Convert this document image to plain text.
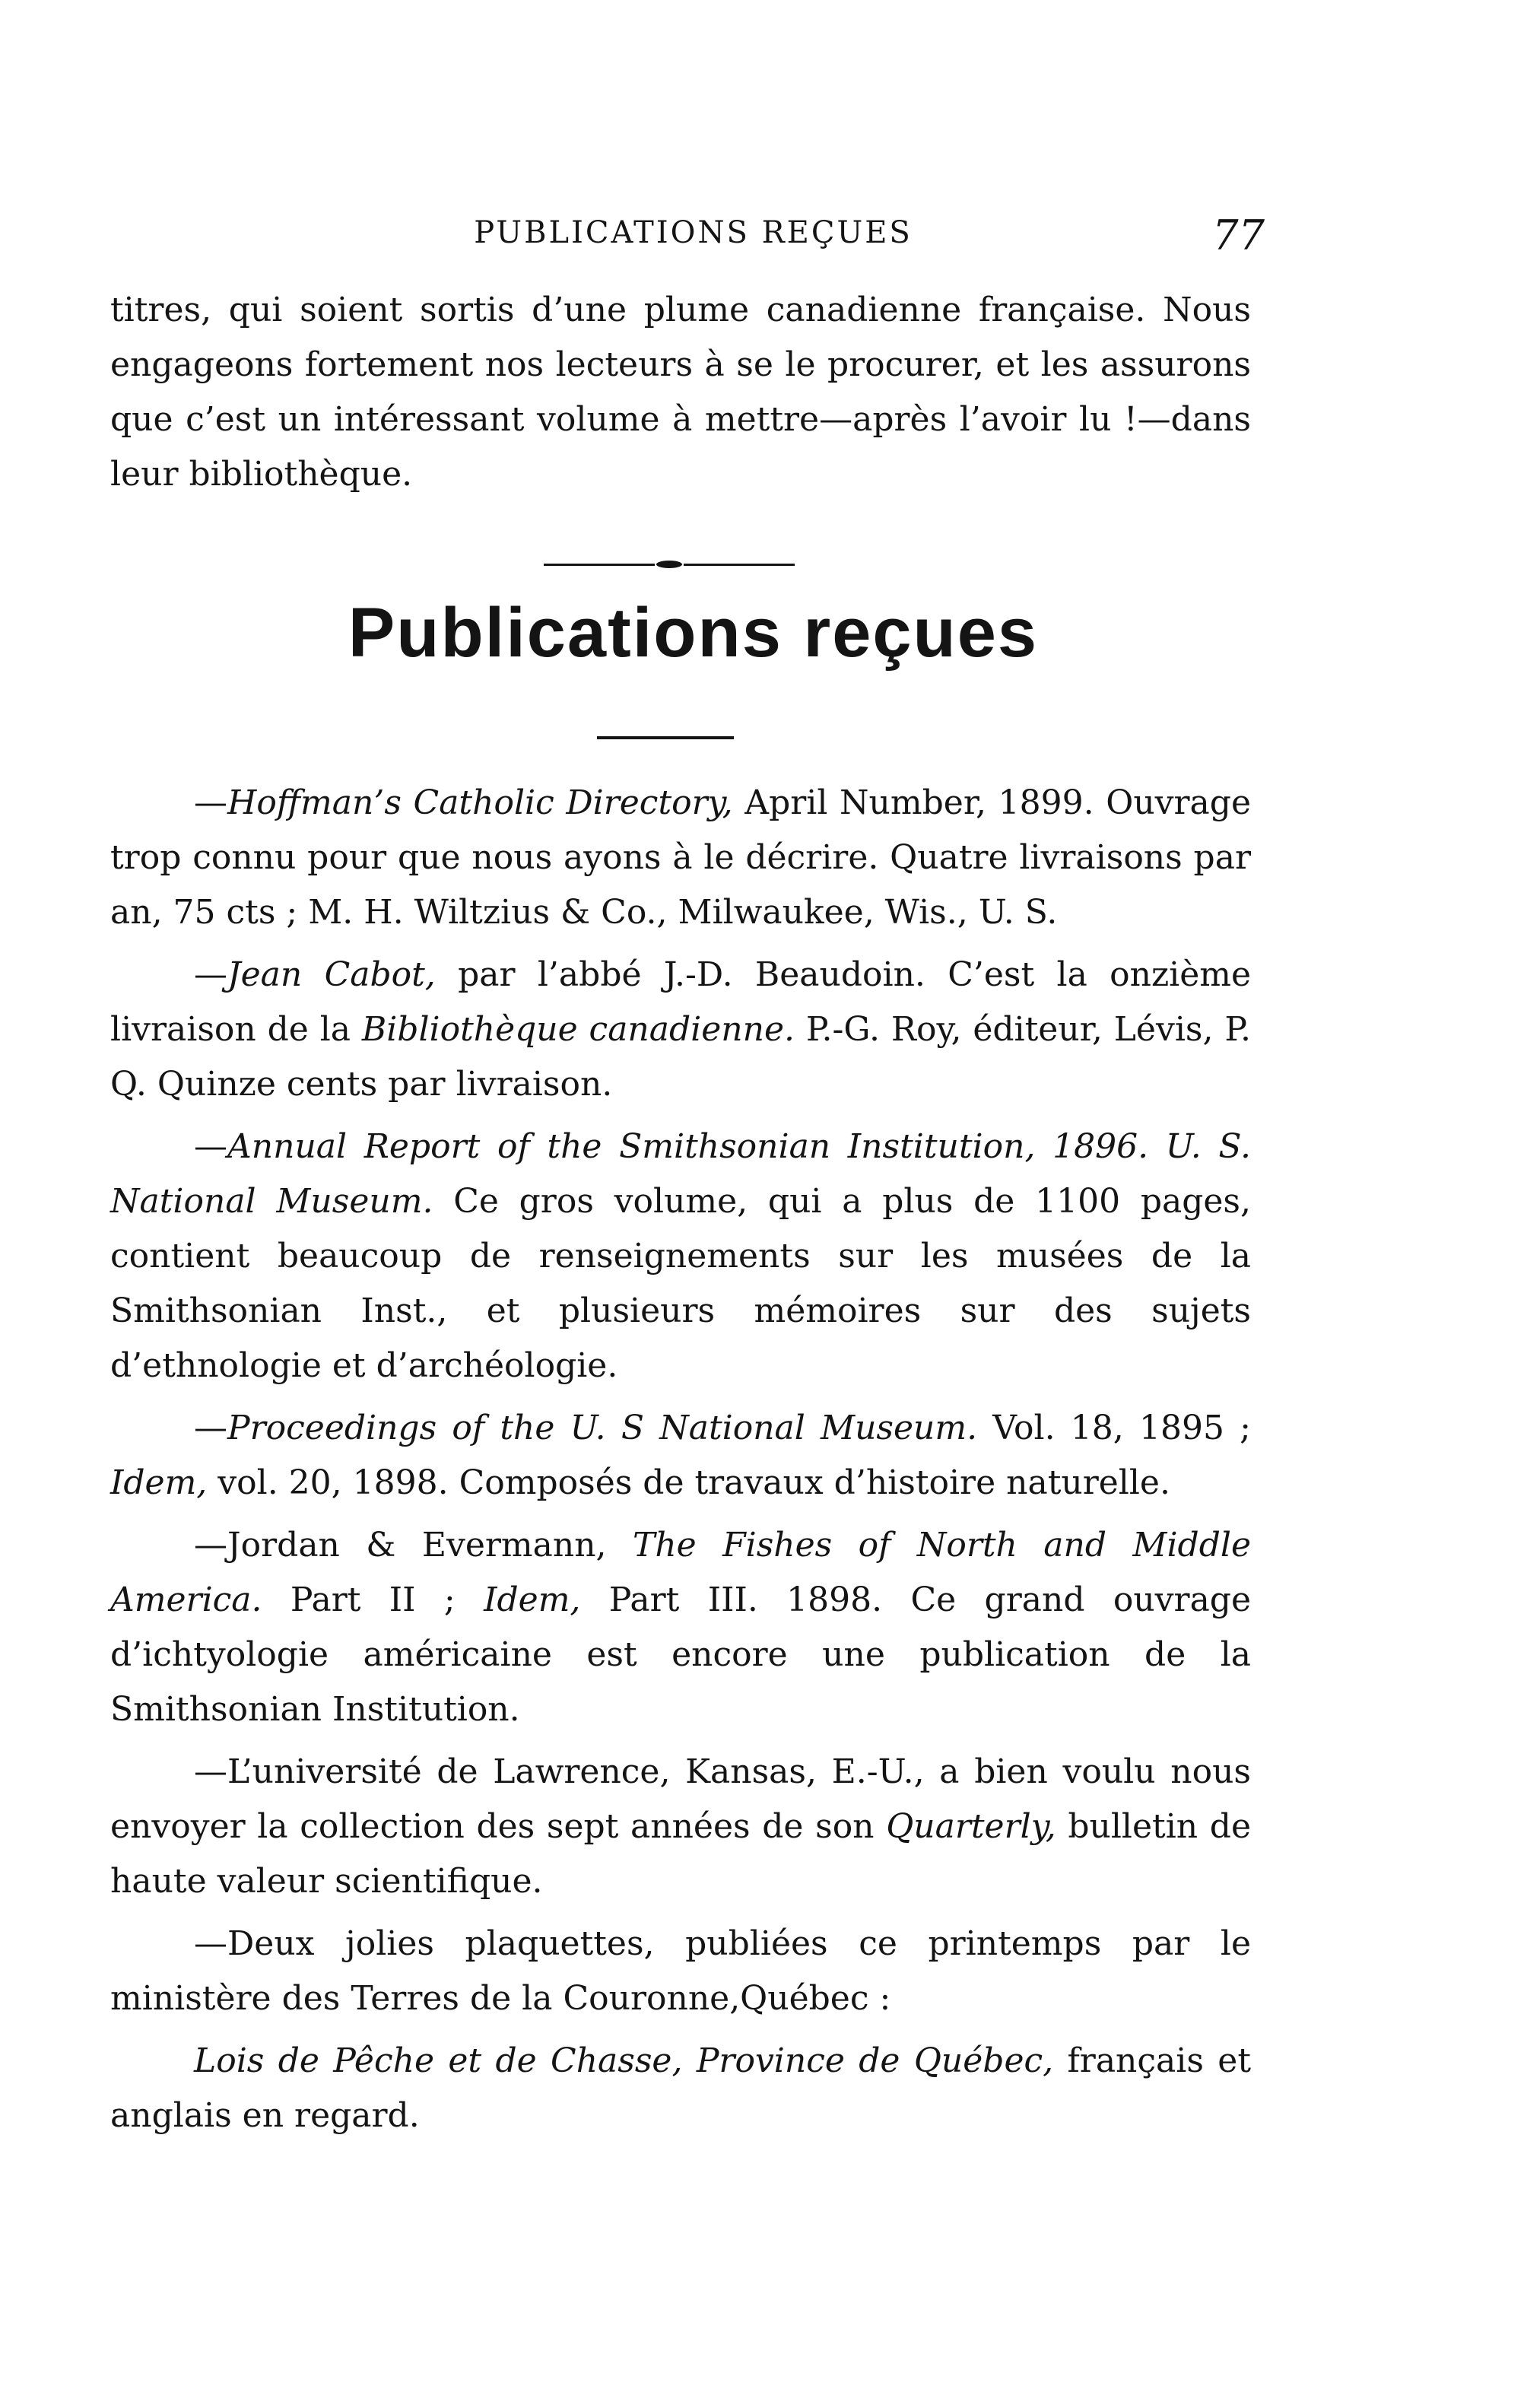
PUBLICATIONS REÇUES	77

titres, qui soient sortis d’une plume canadienne française. Nous engageons fortement nos lecteurs à se le procurer, et les assurons que c’est un intéressant volume à mettre—après l’avoir lu !—dans leur bibliothèque.

Publications reçues

—Hoffman’s Catholic Directory, April Number, 1899. Ouvrage trop connu pour que nous ayons à le décrire. Quatre livraisons par an, 75 cts ; M. H. Wiltzius & Co., Milwaukee, Wis., U. S.

—Jean Cabot, par l’abbé J.-D. Beaudoin. C’est la onzième livraison de la Bibliothèque canadienne. P.-G. Roy, éditeur, Lévis, P. Q. Quinze cents par livraison.

—Annual Report of the Smithsonian Institution, 1896. U. S. National Museum. Ce gros volume, qui a plus de 1100 pages, contient beaucoup de renseignements sur les musées de la Smithsonian Inst., et plusieurs mémoires sur des sujets d’ethnologie et d’archéologie.

—Proceedings of the U. S National Museum. Vol. 18, 1895 ; Idem, vol. 20, 1898. Composés de travaux d’histoire naturelle.

—Jordan & Evermann, The Fishes of North and Middle America. Part II ; Idem, Part III. 1898. Ce grand ouvrage d’ichtyologie américaine est encore une publication de la Smithsonian Institution.

—L’université de Lawrence, Kansas, E.-U., a bien voulu nous envoyer la collection des sept années de son Quarterly, bulletin de haute valeur scientifique.

—Deux jolies plaquettes, publiées ce printemps par le ministère des Terres de la Couronne,Québec :

Lois de Pêche et de Chasse, Province de Québec, français et anglais en regard.
